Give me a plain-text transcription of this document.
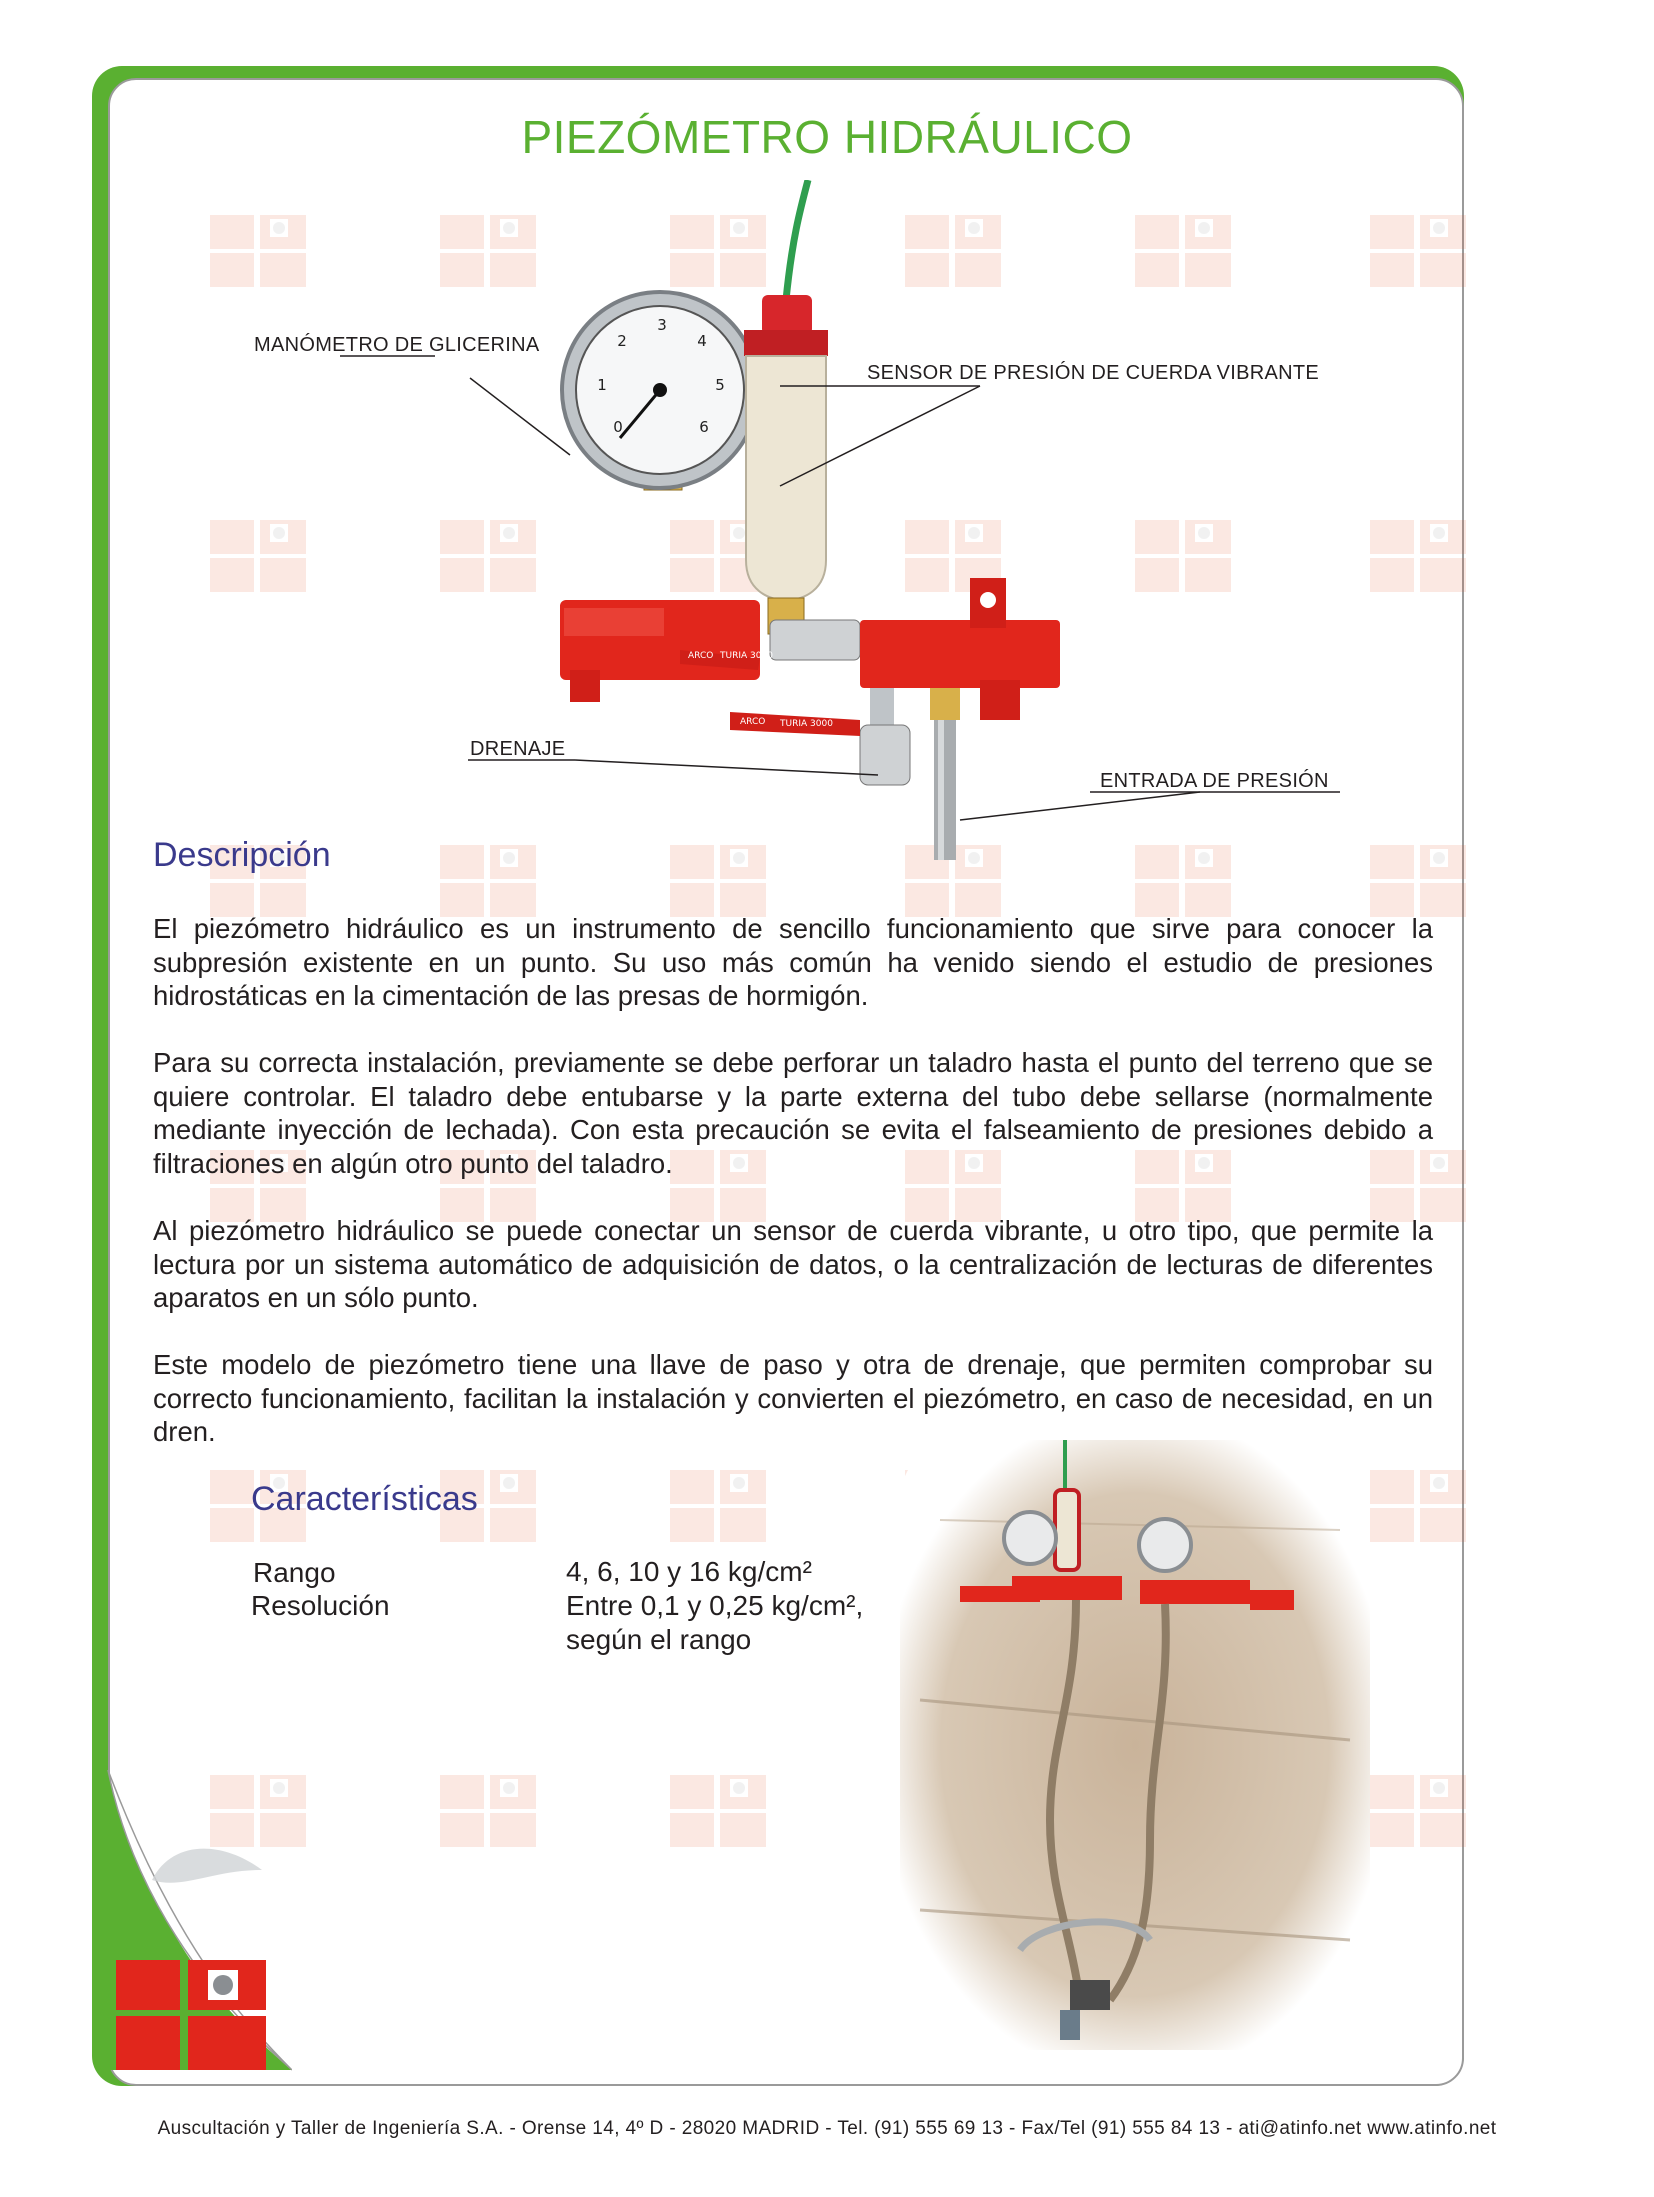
PIEZÓMETRO HIDRÁULICO
0
1
2
3
4
5
6
ARCO TURIA 3000
ARCO TURIA 3000
MANÓMETRO DE GLICERINA
SENSOR DE PRESIÓN DE CUERDA VIBRANTE
DRENAJE
ENTRADA DE PRESIÓN
Descripción
El piezómetro hidráulico es un instrumento de sencillo funcionamiento que sirve para conocer la subpresión existente en un punto. Su uso más común ha venido siendo el estudio de presiones hidrostáticas en la cimentación de las presas de hormigón.
Para su correcta instalación, previamente se debe perforar un taladro hasta el punto del terreno que se quiere controlar. El taladro debe entubarse y la parte externa del tubo debe sellarse (normalmente mediante inyección de lechada). Con esta precaución se evita el falseamiento de presiones debido a filtraciones en algún otro punto del taladro.
Al piezómetro hidráulico se puede conectar un sensor de cuerda vibrante, u otro tipo, que permite la lectura por un sistema automático de adquisición de datos, o la centralización de lecturas de diferentes aparatos en un sólo punto.
Este modelo de piezómetro tiene una llave de paso y otra de drenaje, que permiten comprobar su correcto funcionamiento, facilitan la instalación y convierten el piezómetro, en caso de necesidad, en un dren.
Características
Rango	4, 6, 10 y 16 kg/cm²
Resolución	Entre 0,1 y 0,25 kg/cm²,
según el rango
Auscultación y Taller de Ingeniería S.A. - Orense 14, 4º D - 28020 MADRID - Tel. (91) 555 69 13 - Fax/Tel (91) 555 84 13 - ati@atinfo.net www.atinfo.net
